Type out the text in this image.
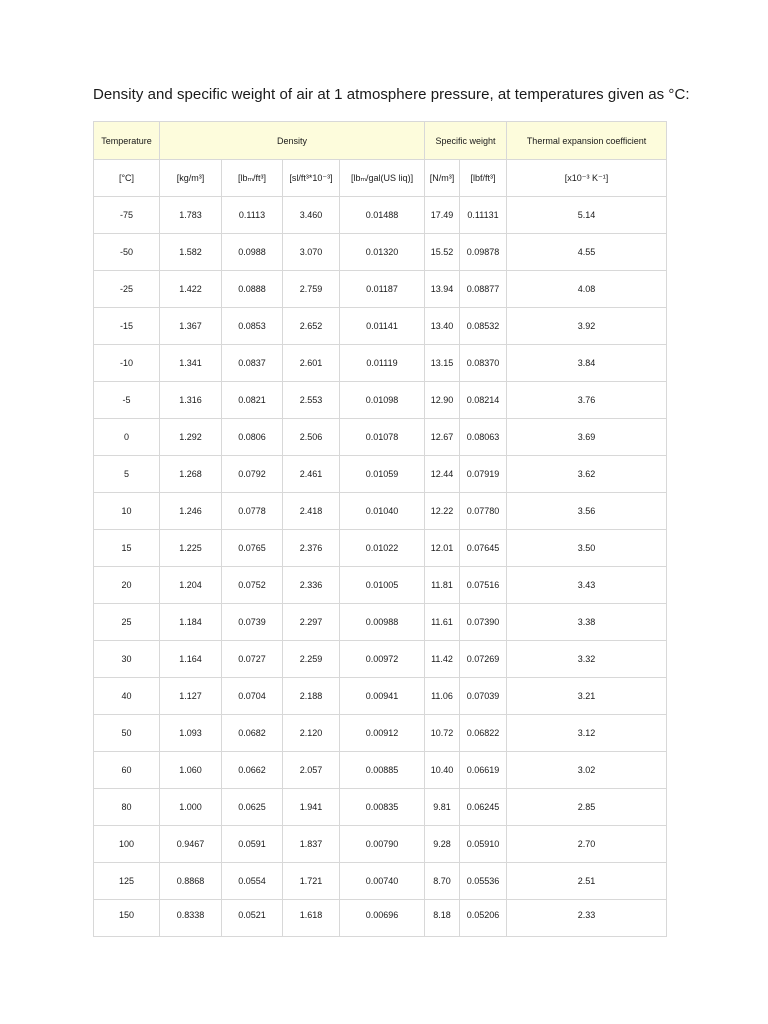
Density and specific weight of air at 1 atmosphere pressure, at temperatures given as °C:
Temperature	Density				Specific weight		Thermal expansion coefficient
[°C]	[kg/m³]	[lbₘ/ft³]	[sl/ft³*10⁻³]	[lbₘ/gal(US liq)]	[N/m³]	[lbf/ft³]	[x10⁻³ K⁻¹]
-75	1.783	0.1113	3.460	0.01488	17.49	0.11131	5.14
-50	1.582	0.0988	3.070	0.01320	15.52	0.09878	4.55
-25	1.422	0.0888	2.759	0.01187	13.94	0.08877	4.08
-15	1.367	0.0853	2.652	0.01141	13.40	0.08532	3.92
-10	1.341	0.0837	2.601	0.01119	13.15	0.08370	3.84
-5	1.316	0.0821	2.553	0.01098	12.90	0.08214	3.76
0	1.292	0.0806	2.506	0.01078	12.67	0.08063	3.69
5	1.268	0.0792	2.461	0.01059	12.44	0.07919	3.62
10	1.246	0.0778	2.418	0.01040	12.22	0.07780	3.56
15	1.225	0.0765	2.376	0.01022	12.01	0.07645	3.50
20	1.204	0.0752	2.336	0.01005	11.81	0.07516	3.43
25	1.184	0.0739	2.297	0.00988	11.61	0.07390	3.38
30	1.164	0.0727	2.259	0.00972	11.42	0.07269	3.32
40	1.127	0.0704	2.188	0.00941	11.06	0.07039	3.21
50	1.093	0.0682	2.120	0.00912	10.72	0.06822	3.12
60	1.060	0.0662	2.057	0.00885	10.40	0.06619	3.02
80	1.000	0.0625	1.941	0.00835	9.81	0.06245	2.85
100	0.9467	0.0591	1.837	0.00790	9.28	0.05910	2.70
125	0.8868	0.0554	1.721	0.00740	8.70	0.05536	2.51
150	0.8338	0.0521	1.618	0.00696	8.18	0.05206	2.33
